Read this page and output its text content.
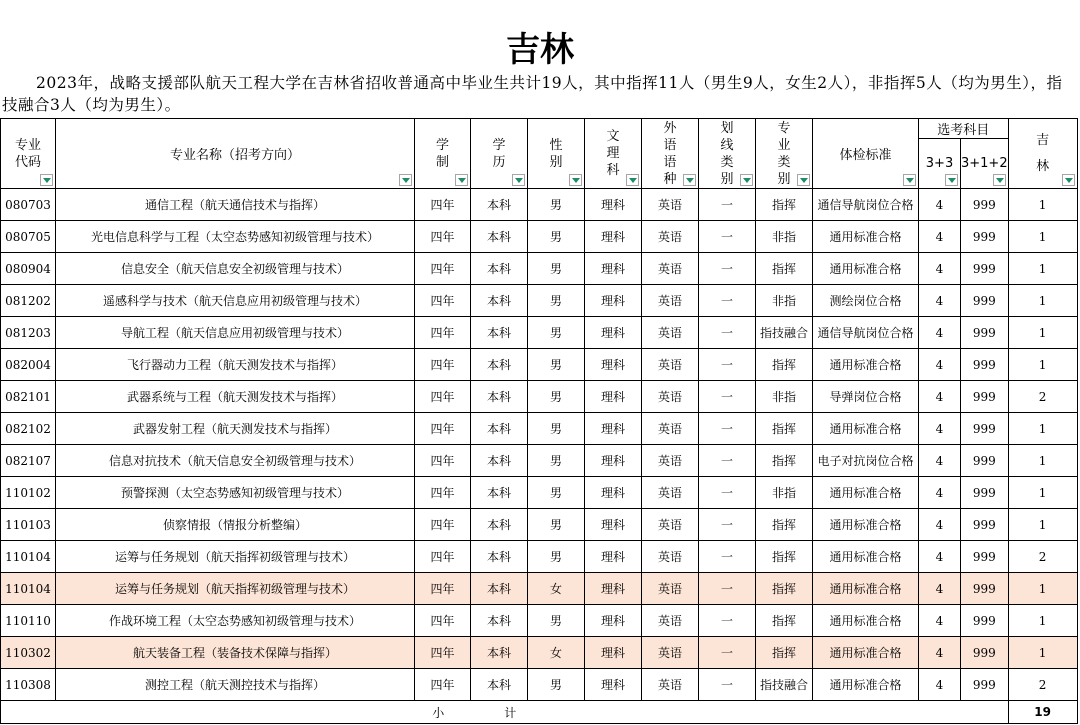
吉林
2023年，战略支援部队航天工程大学在吉林省招收普通高中毕业生共计19人，其中指挥11人（男生9人，女生2人），非指挥5人（均为男生），指技融合3人（均为男生）。
专业代码	专业名称（招考方向）	学制	学历	性别	文理科	外语语种	划线类别	专业类别	体检标准	选考科目		吉林

										3+3	3+1+2	

080703	通信工程（航天通信技术与指挥）	四年	本科	男	理科	英语	一	指挥	通信导航岗位合格	4	999	1
080705	光电信息科学与工程（太空态势感知初级管理与技术）	四年	本科	男	理科	英语	一	非指	通用标准合格	4	999	1
080904	信息安全（航天信息安全初级管理与技术）	四年	本科	男	理科	英语	一	指挥	通用标准合格	4	999	1
081202	遥感科学与技术（航天信息应用初级管理与技术）	四年	本科	男	理科	英语	一	非指	测绘岗位合格	4	999	1
081203	导航工程（航天信息应用初级管理与技术）	四年	本科	男	理科	英语	一	指技融合	通信导航岗位合格	4	999	1
082004	飞行器动力工程（航天测发技术与指挥）	四年	本科	男	理科	英语	一	指挥	通用标准合格	4	999	1
082101	武器系统与工程（航天测发技术与指挥）	四年	本科	男	理科	英语	一	非指	导弹岗位合格	4	999	2
082102	武器发射工程（航天测发技术与指挥）	四年	本科	男	理科	英语	一	指挥	通用标准合格	4	999	1
082107	信息对抗技术（航天信息安全初级管理与技术）	四年	本科	男	理科	英语	一	指挥	电子对抗岗位合格	4	999	1
110102	预警探测（太空态势感知初级管理与技术）	四年	本科	男	理科	英语	一	非指	通用标准合格	4	999	1
110103	侦察情报（情报分析整编）	四年	本科	男	理科	英语	一	指挥	通用标准合格	4	999	1
110104	运筹与任务规划（航天指挥初级管理与技术）	四年	本科	男	理科	英语	一	指挥	通用标准合格	4	999	2
110104	运筹与任务规划（航天指挥初级管理与技术）	四年	本科	女	理科	英语	一	指挥	通用标准合格	4	999	1
110110	作战环境工程（太空态势感知初级管理与技术）	四年	本科	男	理科	英语	一	指挥	通用标准合格	4	999	1
110302	航天装备工程（装备技术保障与指挥）	四年	本科	女	理科	英语	一	指挥	通用标准合格	4	999	1
110308	测控工程（航天测控技术与指挥）	四年	本科	男	理科	英语	一	指技融合	通用标准合格	4	999	2
小计												19
